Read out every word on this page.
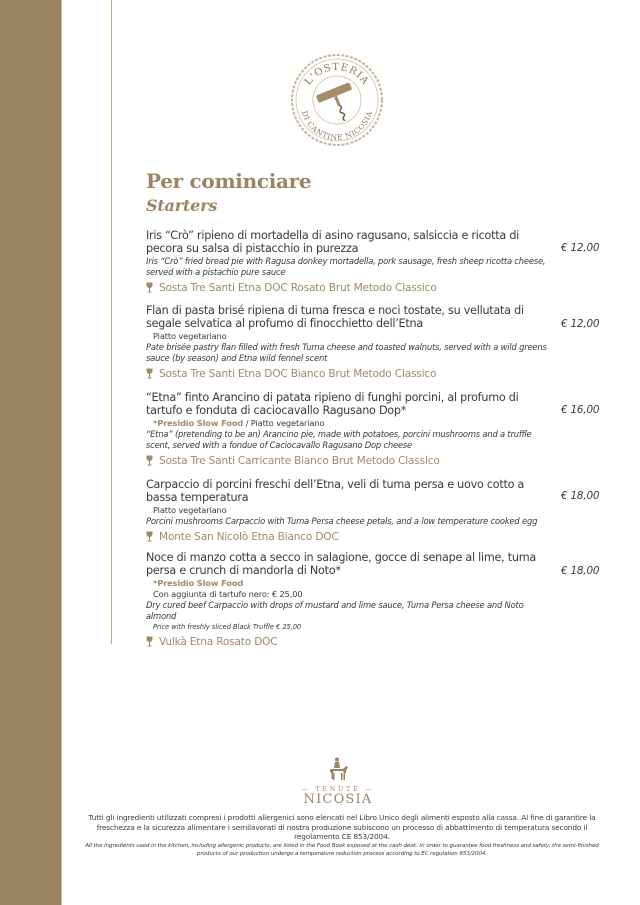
L'OSTERIA
DI CANTINE NICOSIA
Per cominciare
Starters
Iris “Crò” ripieno di mortadella di asino ragusano, salsiccia e ricotta di pecora su salsa di pistacchio in purezza
Iris “Crò” fried bread pie with Ragusa donkey mortadella, pork sausage, fresh sheep ricotta cheese, served with a pistachio pure sauce
Sosta Tre Santi Etna DOC Rosato Brut Metodo Classico
€ 12,00
Flan di pasta brisé ripiena di tuma fresca e noci tostate, su vellutata di segale selvatica al profumo di finocchietto dell’Etna
Piatto vegetariano
Pate brisée pastry flan filled with fresh Tuma cheese and toasted walnuts, served with a wild greens sauce (by season) and Etna wild fennel scent
Sosta Tre Santi Etna DOC Bianco Brut Metodo Classico
€ 12,00
“Etna” finto Arancino di patata ripieno di funghi porcini, al profumo di tartufo e fonduta di caciocavallo Ragusano Dop*
*Presidio Slow Food / Piatto vegetariano
“Etna” (pretending to be an) Arancino pie, made with potatoes, porcini mushrooms and a truffle scent, served with a fondue of Caciocavallo Ragusano Dop cheese
Sosta Tre Santi Carricante Bianco Brut Metodo Classico
€ 16,00
Carpaccio di porcini freschi dell’Etna, veli di tuma persa e uovo cotto a bassa temperatura
Piatto vegetariano
Porcini mushrooms Carpaccio with Tuma Persa cheese petals, and a low temperature cooked egg
Monte San Nicolò Etna Bianco DOC
€ 18,00
Noce di manzo cotta a secco in salagione, gocce di senape al lime, tuma persa e crunch di mandorla di Noto*
*Presidio Slow Food
Con aggiunta di tartufo nero: € 25,00
Dry cured beef Carpaccio with drops of mustard and lime sauce, Tuma Persa cheese and Noto almond
Price with freshly sliced Black Truffle € 25,00
Vulkà Etna Rosato DOC
€ 18,00
— TENUTE —
NICOSIA
Tutti gli ingredienti utilizzati compresi i prodotti allergenici sono elencati nel Libro Unico degli alimenti esposto alla cassa. Al fine di garantire la freschezza e la sicurezza alimentare i semilavorati di nostra produzione subiscono un processo di abbattimento di temperatura secondo il regolamento CE 853/2004.
All the ingredients used in the kitchen, including allergenic products, are listed in the Food Book exposed at the cash desk. In order to guarantee food freshness and safety, the semi-finished products of our production undergo a temperature reduction process according to EC regulation 853/2004.
